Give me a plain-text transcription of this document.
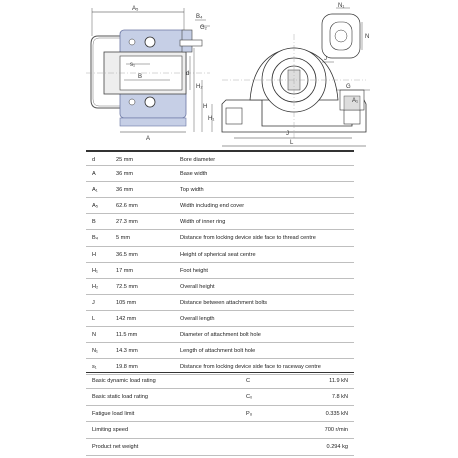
A₅
B₄
G₂
s₁
B
A
d
J
L
H₂
H
H₁
J
N₁
N
G
A₁
d	25 mm	Bore diameter
A	36 mm	Base width
A₁	36 mm	Top width
A₅	62.6 mm	Width including end cover
B	27.3 mm	Width of inner ring
B₄	5 mm	Distance from locking device side face to thread centre
H	36.5 mm	Height of spherical seat centre
H₁	17 mm	Foot height
H₂	72.5 mm	Overall height
J	105 mm	Distance between attachment bolts
L	142 mm	Overall length
N	11.5 mm	Diameter of attachment bolt hole
N₁	14.3 mm	Length of attachment bolt hole
s₁	19.8 mm	Distance from locking device side face to raceway centre
Basic dynamic load rating	C	11.9 kN
Basic static load rating	C₀	7.8 kN
Fatigue load limit	Pᵤ	0.335 kN
Limiting speed	700 r/min
Product net weight	0.294 kg
